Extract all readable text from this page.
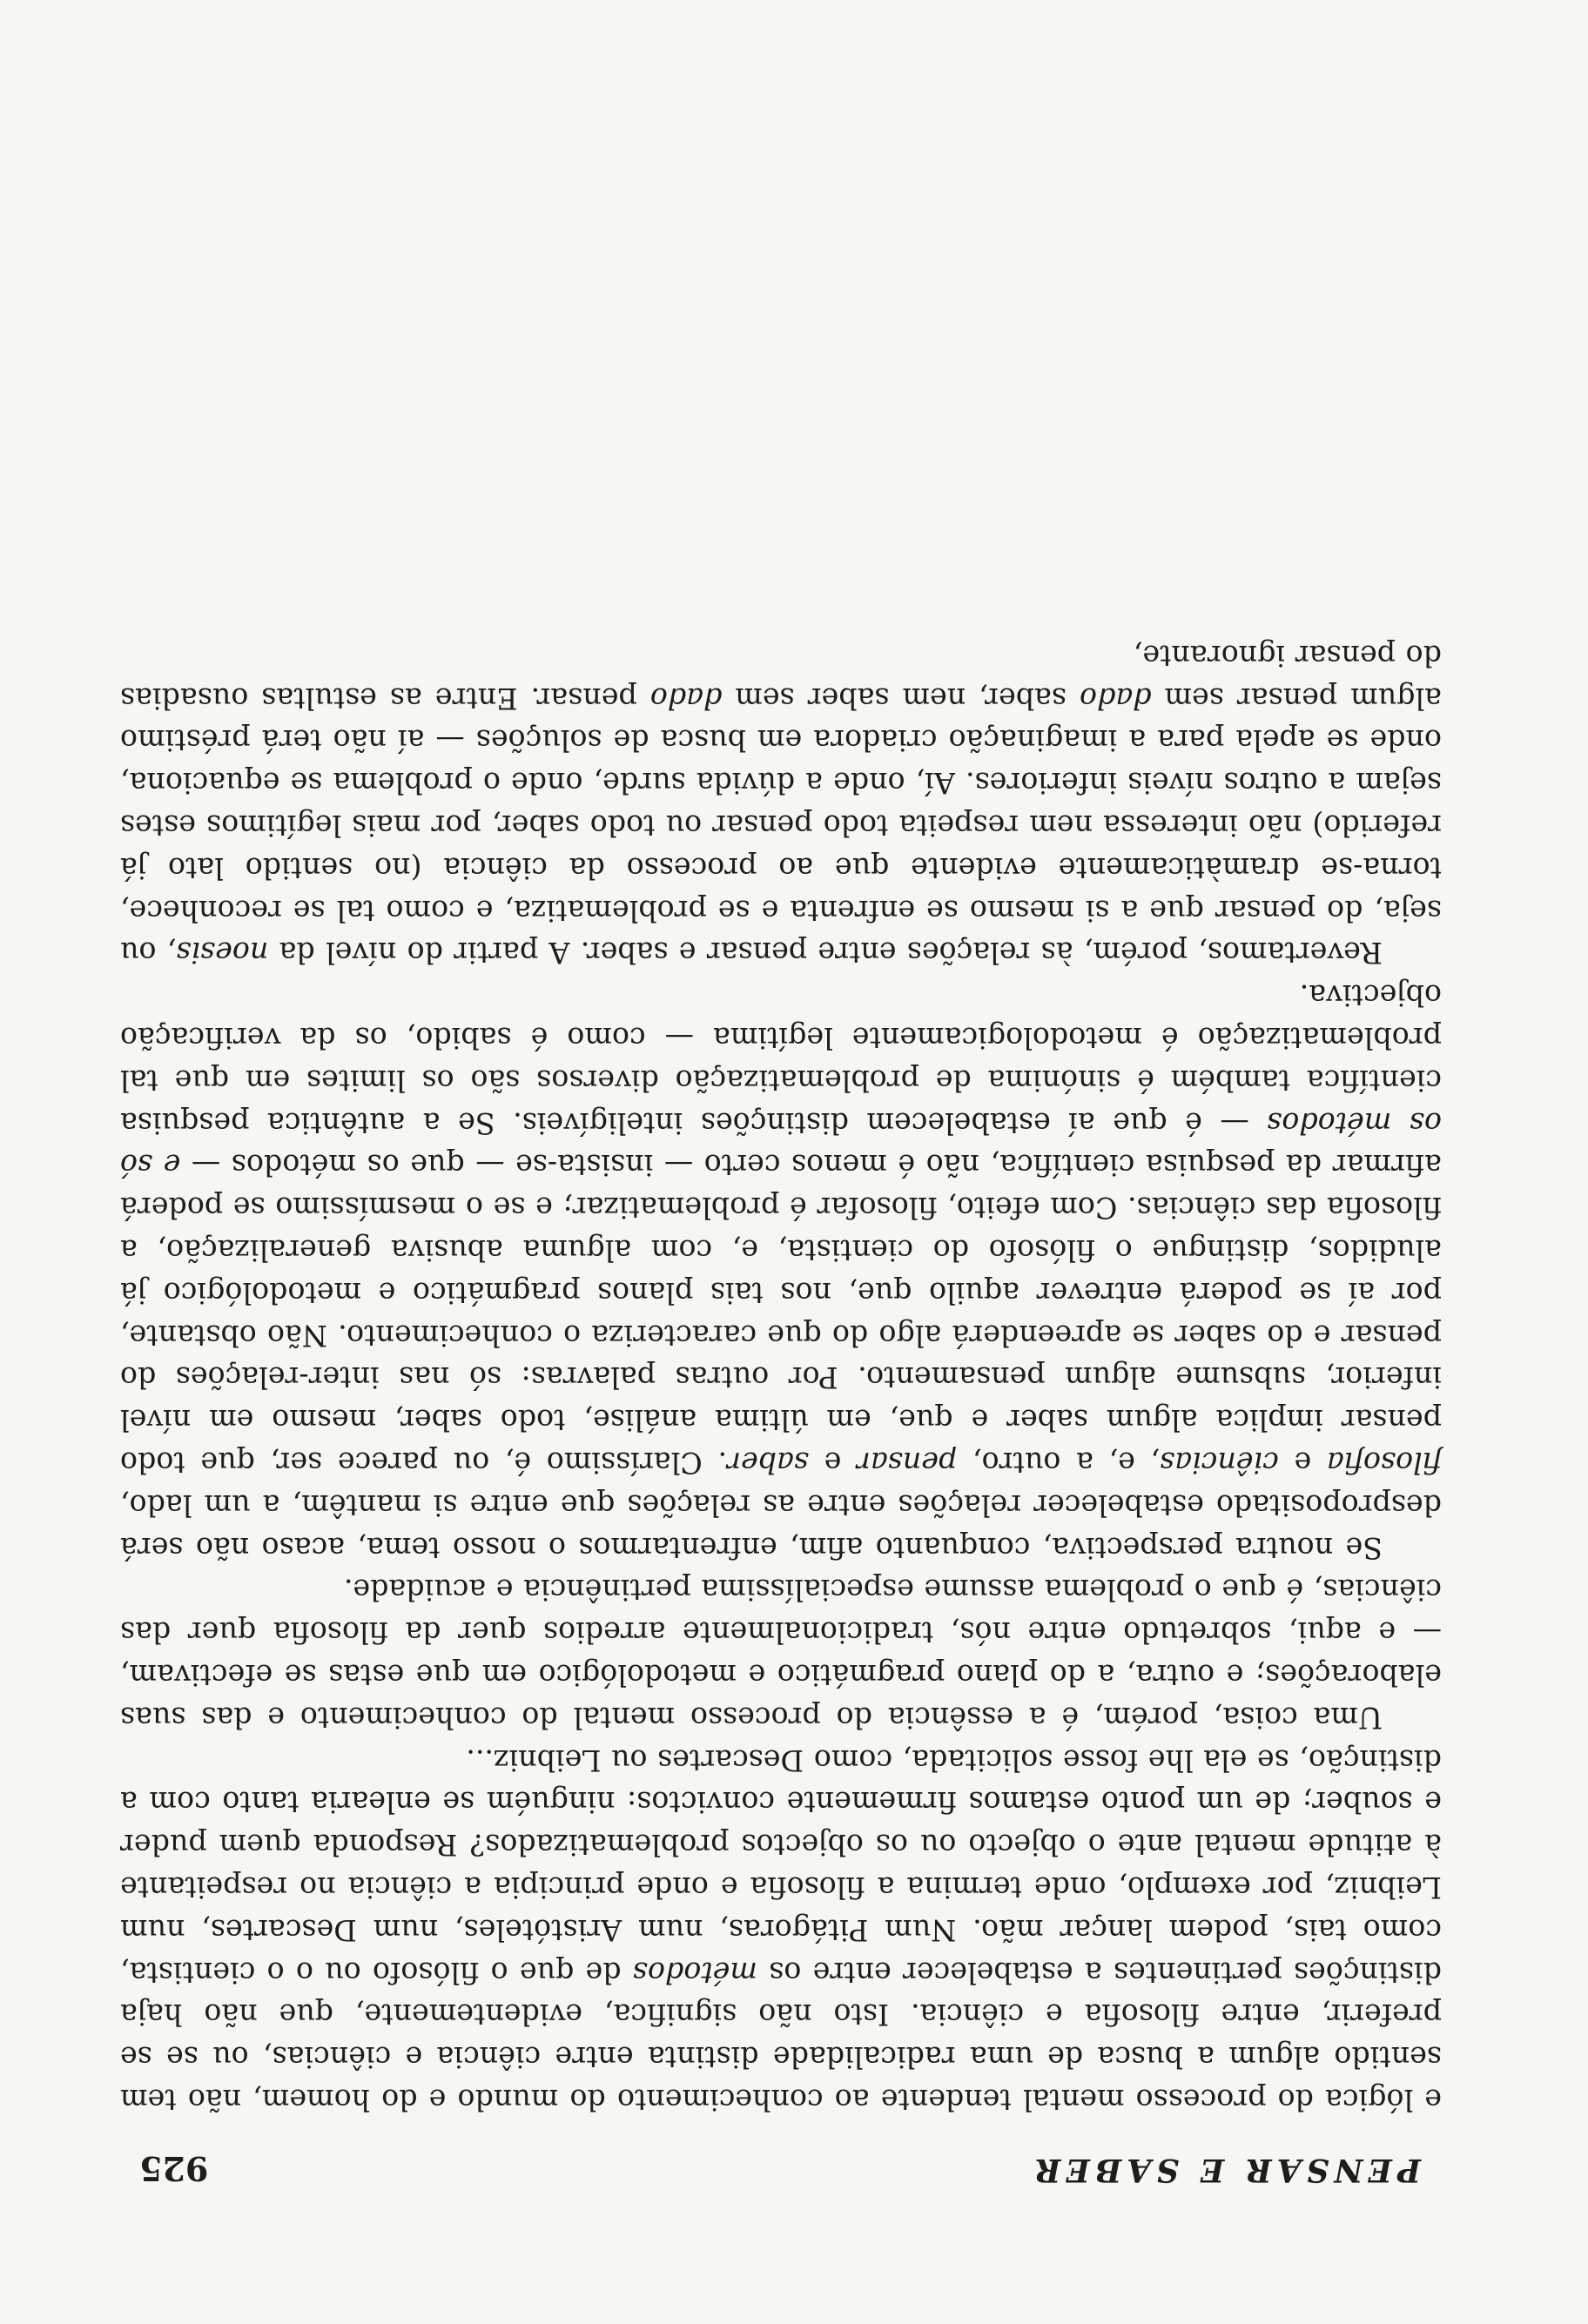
PENSAR E SABER
925

e lógica do processo mental tendente ao conhecimento do mundo e do homem, não tem sentido algum a busca de uma radicalidade distinta entre ciência e ciências, ou se se preferir, entre filosofia e ciência. Isto não significa, evidentemente, que não haja distinções pertinentes a estabelecer entre os métodos de que o filósofo ou o o cientista, como tais, podem lançar mão. Num Pitágoras, num Aristóteles, num Descartes, num Leibniz, por exemplo, onde termina a filosofia e onde principia a ciência no respeitante à atitude mental ante o objecto ou os objectos problematizados? Responda quem puder e souber; de um ponto estamos firmemente convictos: ninguém se enlearia tanto com a distinção, se ela lhe fosse solicitada, como Descartes ou Leibniz...

Uma coisa, porém, é a essência do processo mental do conhecimento e das suas elaborações; e outra, a do plano pragmático e metodológico em que estas se efectivam, — e aqui, sobretudo entre nós, tradicionalmente arredios quer da filosofia quer das ciências, é que o problema assume especialíssima pertinência e acuidade.

Se noutra perspectiva, conquanto afim, enfrentarmos o nosso tema, acaso não será despropositado estabelecer relações entre as relações que entre si mantêm, a um lado, filosofia e ciências, e, a outro, pensar e saber. Claríssimo é, ou parece ser, que todo pensar implica algum saber e que, em última análise, todo saber, mesmo em nível inferior, subsume algum pensamento. Por outras palavras: só nas inter-relações do pensar e do saber se apreenderá algo do que caracteriza o conhecimento. Não obstante, por aí se poderá entrever aquilo que, nos tais planos pragmático e metodológico já aludidos, distingue o filósofo do cientista, e, com alguma abusiva generalização, a filosofia das ciências. Com efeito, filosofar é problematizar; e se o mesmíssimo se poderá afirmar da pesquisa científica, não é menos certo — insista-se — que os métodos — e só os métodos — é que aí estabelecem distinções inteligíveis. Se a autêntica pesquisa científica também é sinónima de problematização diversos são os limites em que tal problematização é metodologicamente legítima — como é sabido, os da verificação objectiva.

Revertamos, porém, às relações entre pensar e saber. A partir do nível da noesis, ou seja, do pensar que a si mesmo se enfrenta e se problematiza, e como tal se reconhece, torna-se dramàticamente evidente que ao processo da ciência (no sentido lato já referido) não interessa nem respeita todo pensar ou todo saber, por mais legítimos estes sejam a outros níveis inferiores. Aí, onde a dúvida surde, onde o problema se equaciona, onde se apela para a imaginação criadora em busca de soluções — aí não terá préstimo algum pensar sem dado saber, nem saber sem dado pensar. Entre as estultas ousadias do pensar ignorante,
